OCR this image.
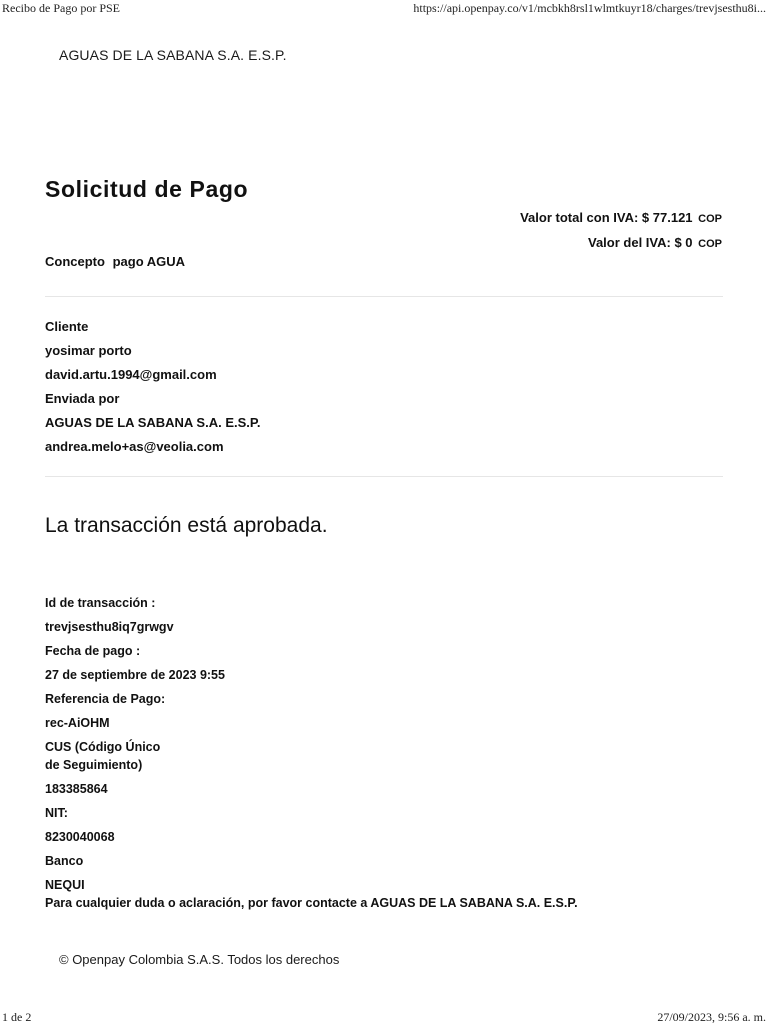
Recibo de Pago por PSE	https://api.openpay.co/v1/mcbkh8rsl1wlmtkuyr18/charges/trevjsesthu8i...
AGUAS DE LA SABANA S.A. E.S.P.
Solicitud de Pago
Valor total con IVA: $ 77.121 COP
Valor del IVA: $ 0 COP
Concepto pago AGUA
Cliente
yosimar porto
david.artu.1994@gmail.com
Enviada por
AGUAS DE LA SABANA S.A. E.S.P.
andrea.melo+as@veolia.com
La transacción está aprobada.
Id de transacción :
trevjsesthu8iq7grwgv
Fecha de pago :
27 de septiembre de 2023 9:55
Referencia de Pago:
rec-AiOHM
CUS (Código Único de Seguimiento)
183385864
NIT:
8230040068
Banco
NEQUI
Para cualquier duda o aclaración, por favor contacte a AGUAS DE LA SABANA S.A. E.S.P.
© Openpay Colombia S.A.S. Todos los derechos
1 de 2	27/09/2023, 9:56 a. m.
